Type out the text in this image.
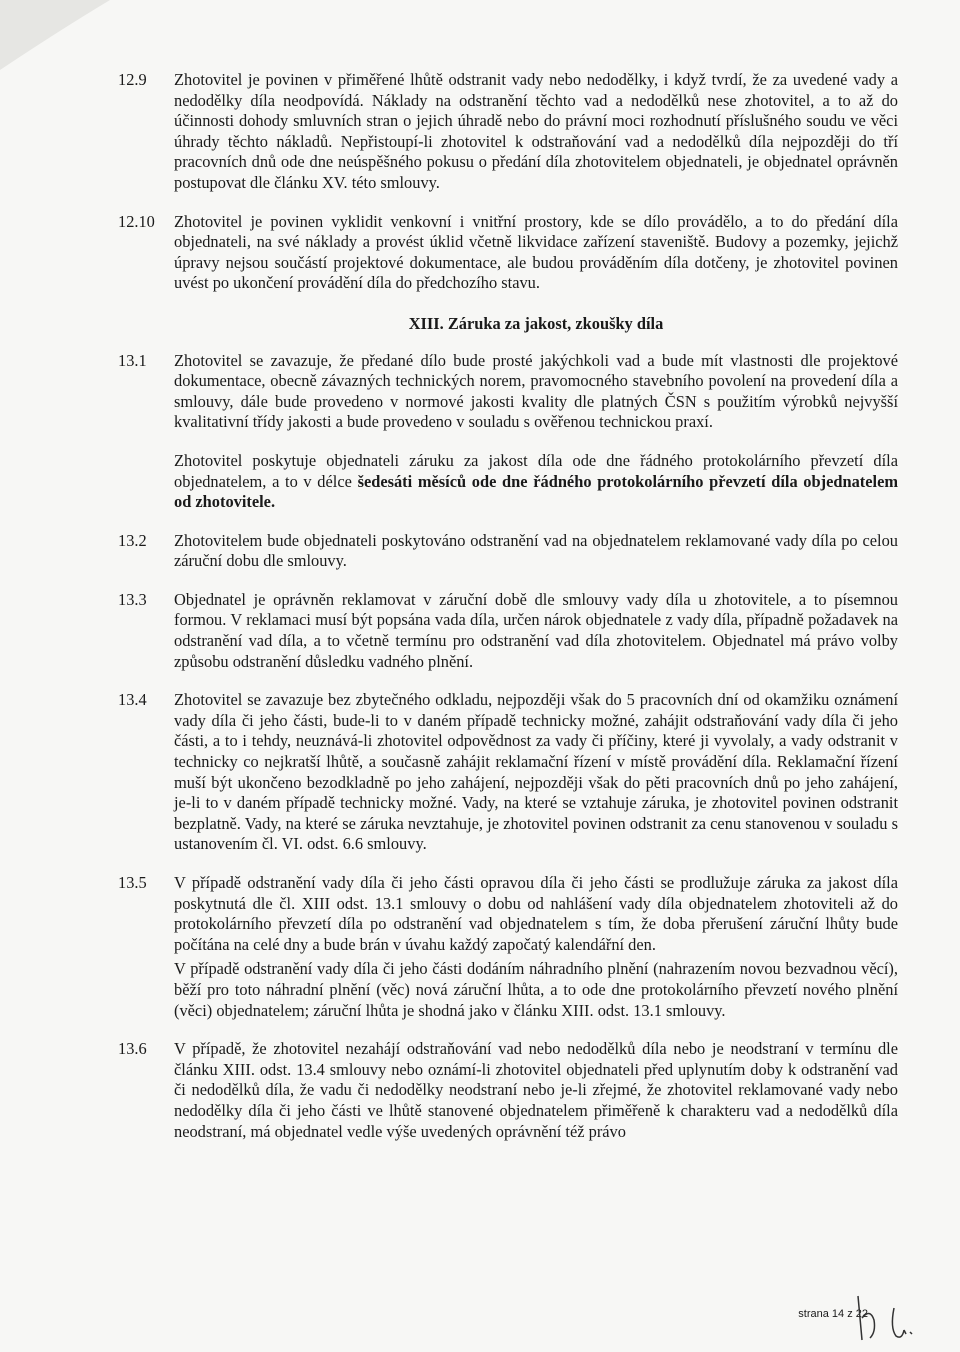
12.9	Zhotovitel je povinen v přiměřené lhůtě odstranit vady nebo nedodělky, i když tvrdí, že za uvedené vady a nedodělky díla neodpovídá. Náklady na odstranění těchto vad a nedodělků nese zhotovitel, a to až do účinnosti dohody smluvních stran o jejich úhradě nebo do právní moci rozhodnutí příslušného soudu ve věci úhrady těchto nákladů. Nepřistoupí-li zhotovitel k odstraňování vad a nedodělků díla nejpozději do tří pracovních dnů ode dne neúspěšného pokusu o předání díla zhotovitelem objednateli, je objednatel oprávněn postupovat dle článku XV. této smlouvy.
12.10	Zhotovitel je povinen vyklidit venkovní i vnitřní prostory, kde se dílo provádělo, a to do předání díla objednateli, na své náklady a provést úklid včetně likvidace zařízení staveniště. Budovy a pozemky, jejichž úpravy nejsou součástí projektové dokumentace, ale budou prováděním díla dotčeny, je zhotovitel povinen uvést po ukončení provádění díla do předchozího stavu.
XIII. Záruka za jakost, zkoušky díla
13.1	Zhotovitel se zavazuje, že předané dílo bude prosté jakýchkoli vad a bude mít vlastnosti dle projektové dokumentace, obecně závazných technických norem, pravomocného stavebního povolení na provedení díla a smlouvy, dále bude provedeno v normové jakosti kvality dle platných ČSN s použitím výrobků nejvyšší kvalitativní třídy jakosti a bude provedeno v souladu s ověřenou technickou praxí.
Zhotovitel poskytuje objednateli záruku za jakost díla ode dne řádného protokolárního převzetí díla objednatelem, a to v délce šedesáti měsíců ode dne řádného protokolárního převzetí díla objednatelem od zhotovitele.
13.2	Zhotovitelem bude objednateli poskytováno odstranění vad na objednatelem reklamované vady díla po celou záruční dobu dle smlouvy.

13.3	Objednatel je oprávněn reklamovat v záruční době dle smlouvy vady díla u zhotovitele, a to písemnou formou. V reklamaci musí být popsána vada díla, určen nárok objednatele z vady díla, případně požadavek na odstranění vad díla, a to včetně termínu pro odstranění vad díla zhotovitelem. Objednatel má právo volby způsobu odstranění důsledku vadného plnění.

13.4	Zhotovitel se zavazuje bez zbytečného odkladu, nejpozději však do 5 pracovních dní od okamžiku oznámení vady díla či jeho části, bude-li to v daném případě technicky možné, zahájit odstraňování vady díla či jeho části, a to i tehdy, neuznává-li zhotovitel odpovědnost za vady či příčiny, které ji vyvolaly, a vady odstranit v technicky co nejkratší lhůtě, a současně zahájit reklamační řízení v místě provádění díla. Reklamační řízení muší být ukončeno bezodkladně po jeho zahájení, nejpozději však do pěti pracovních dnů po jeho zahájení, je-li to v daném případě technicky možné. Vady, na které se vztahuje záruka, je zhotovitel povinen odstranit bezplatně. Vady, na které se záruka nevztahuje, je zhotovitel povinen odstranit za cenu stanovenou v souladu s ustanovením čl. VI. odst. 6.6 smlouvy.

13.5	V případě odstranění vady díla či jeho části opravou díla či jeho části se prodlužuje záruka za jakost díla poskytnutá dle čl. XIII odst. 13.1 smlouvy o dobu od nahlášení vady díla objednatelem zhotoviteli až do protokolárního převzetí díla po odstranění vad objednatelem s tím, že doba přerušení záruční lhůty bude počítána na celé dny a bude brán v úvahu každý započatý kalendářní den.

V případě odstranění vady díla či jeho části dodáním náhradního plnění (nahrazením novou bezvadnou věcí), běží pro toto náhradní plnění (věc) nová záruční lhůta, a to ode dne protokolárního převzetí nového plnění (věci) objednatelem; záruční lhůta je shodná jako v článku XIII. odst. 13.1 smlouvy.

13.6	V případě, že zhotovitel nezahájí odstraňování vad nebo nedodělků díla nebo je neodstraní v termínu dle článku XIII. odst. 13.4 smlouvy nebo oznámí-li zhotovitel objednateli před uplynutím doby k odstranění vad či nedodělků díla, že vadu či nedodělky neodstraní nebo je-li zřejmé, že zhotovitel reklamované vady nebo nedodělky díla či jeho části ve lhůtě stanovené objednatelem přiměřeně k charakteru vad a nedodělků díla neodstraní, má objednatel vedle výše uvedených oprávnění též právo

strana 14 z 22
